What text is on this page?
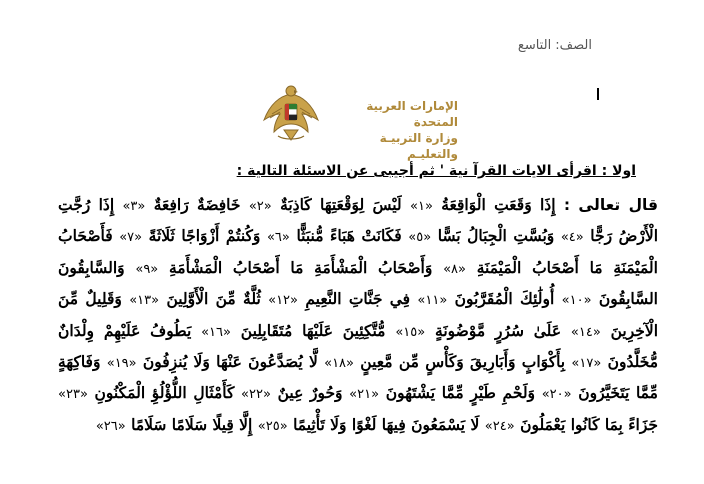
الصف: التاسع
الإمارات العربية المتحدة
وزارة التربيـة والتعليـم
اولا : اقرأى الايات القرآ نية ' ثم أجيبى عن الاسئلة التالية :
قال تعالى : إِذَا وَقَعَتِ الْوَاقِعَةُ «١» لَيْسَ لِوَقْعَتِهَا كَاذِبَةٌ «٢» خَافِضَةٌ رَافِعَةٌ «٣» إِذَا رُجَّتِ الْأَرْضُ رَجًّا «٤» وَبُسَّتِ الْجِبَالُ بَسًّا «٥» فَكَانَتْ هَبَاءً مُّنبَثًّا «٦» وَكُنتُمْ أَزْوَاجًا ثَلَاثَةً «٧» فَأَصْحَابُ الْمَيْمَنَةِ مَا أَصْحَابُ الْمَيْمَنَةِ «٨» وَأَصْحَابُ الْمَشْأَمَةِ مَا أَصْحَابُ الْمَشْأَمَةِ «٩» وَالسَّابِقُونَ السَّابِقُونَ «١٠» أُولَٰئِكَ الْمُقَرَّبُونَ «١١» فِي جَنَّاتِ النَّعِيمِ «١٢» ثُلَّةٌ مِّنَ الْأَوَّلِينَ «١٣» وَقَلِيلٌ مِّنَ الْآخِرِينَ «١٤» عَلَىٰ سُرُرٍ مَّوْضُونَةٍ «١٥» مُّتَّكِئِينَ عَلَيْهَا مُتَقَابِلِينَ «١٦» يَطُوفُ عَلَيْهِمْ وِلْدَانٌ مُّخَلَّدُونَ «١٧» بِأَكْوَابٍ وَأَبَارِيقَ وَكَأْسٍ مِّن مَّعِينٍ «١٨» لَّا يُصَدَّعُونَ عَنْهَا وَلَا يُنزِفُونَ «١٩» وَفَاكِهَةٍ مِّمَّا يَتَخَيَّرُونَ «٢٠» وَلَحْمِ طَيْرٍ مِّمَّا يَشْتَهُونَ «٢١» وَحُورٌ عِينٌ «٢٢» كَأَمْثَالِ اللُّؤْلُؤِ الْمَكْنُونِ «٢٣» جَزَاءً بِمَا كَانُوا يَعْمَلُونَ «٢٤» لَا يَسْمَعُونَ فِيهَا لَغْوًا وَلَا تَأْثِيمًا «٢٥» إِلَّا قِيلًا سَلَامًا سَلَامًا «٢٦»
